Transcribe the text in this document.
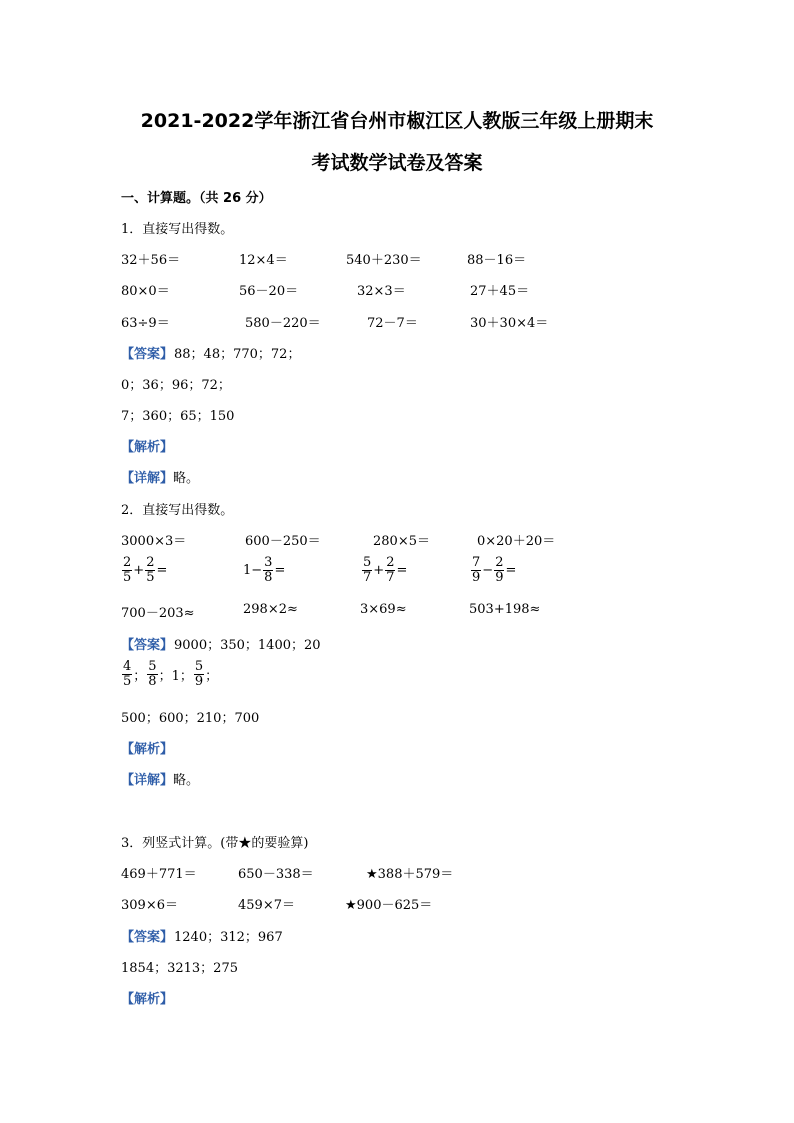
2021-2022学年浙江省台州市椒江区人教版三年级上册期末
考试数学试卷及答案
一、计算题。（共 26 分）
1．直接写出得数。
32＋56＝	12×4＝	540＋230＝	88－16＝
80×0＝	56－20＝	32×3＝	27＋45＝
63÷9＝	580－220＝	72－7＝	30＋30×4＝
【答案】 88；48；770；72；
0；36；96；72；
7；360；65；150
【解析】
【详解】略。
2．直接写出得数。
3000×3＝	600－250＝	280×5＝	0×20＋20＝
$\frac{2}{5} + \frac{2}{5}$ =	$1- \frac{3}{8}$ =	$\frac{5}{7} + \frac{2}{7}$ =	$\frac{7}{9} - \frac{2}{9}$ =
700－203≈	298×2≈	3×69≈	503+198≈
【答案】 9000；350；1400；20
$\frac{4}{5}$ ； $\frac{5}{8}$ ；1； $\frac{5}{9}$ ；
500；600；210；700
【解析】
【详解】略。
3．列竖式计算。(带★的要验算)
469＋771＝	650－338＝	★388＋579＝
309×6＝	459×7＝	★900－625＝
【答案】 1240；312；967
1854；3213；275
【解析】
